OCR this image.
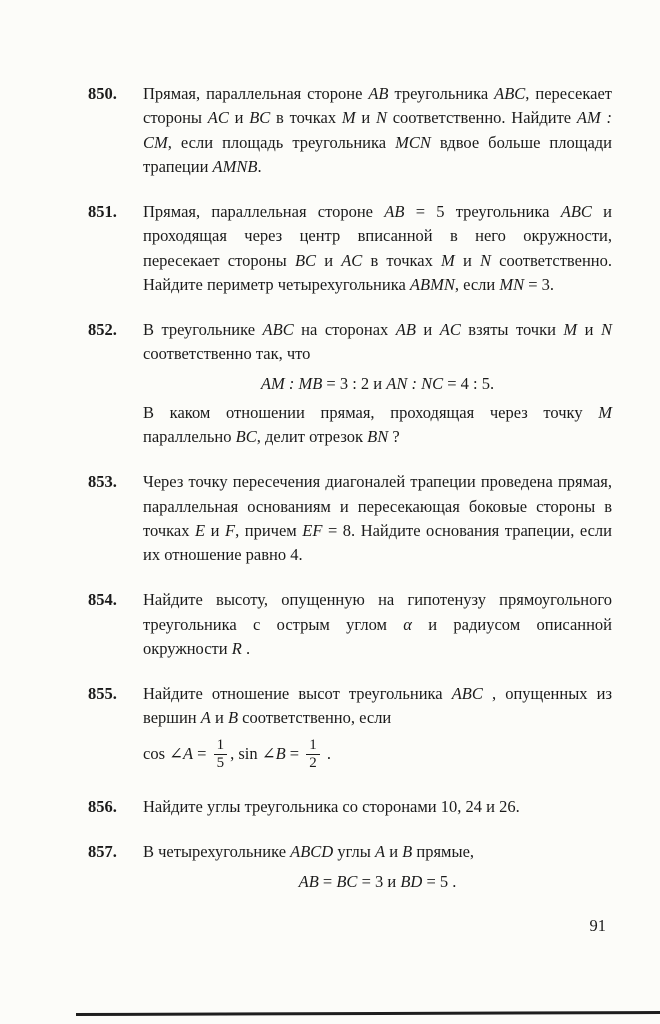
850.	Прямая, параллельная стороне AB треугольника ABC, пересекает стороны AC и BC в точках M и N соответственно. Найдите AM : CM, если площадь треугольника MCN вдвое больше площади трапеции AMNB.
851.	Прямая, параллельная стороне AB = 5 треугольника ABC и проходящая через центр вписанной в него окружности, пересекает стороны BC и AC в точках M и N соответственно. Найдите периметр четырехугольника ABMN, если MN = 3.
852.	В треугольнике ABC на сторонах AB и AC взяты точки M и N соответственно так, что
AM : MB = 3 : 2 и AN : NC = 4 : 5.
В каком отношении прямая, проходящая через точку M параллельно BC, делит отрезок BN ?
853.	Через точку пересечения диагоналей трапеции проведена прямая, параллельная основаниям и пересекающая боковые стороны в точках E и F, причем EF = 8. Найдите основания трапеции, если их отношение равно 4.
854.	Найдите высоту, опущенную на гипотенузу прямоугольного треугольника с острым углом α и радиусом описанной окружности R .
855.	Найдите отношение высот треугольника ABC , опущенных из вершин A и B соответственно, если
cos ∠A = $\frac{1}{5}$ , sin ∠B = $\frac{1}{2}$ .
856.	Найдите углы треугольника со сторонами 10, 24 и 26.
857.	В четырехугольнике ABCD углы A и B прямые,
AB = BC = 3 и BD = 5 .
91
